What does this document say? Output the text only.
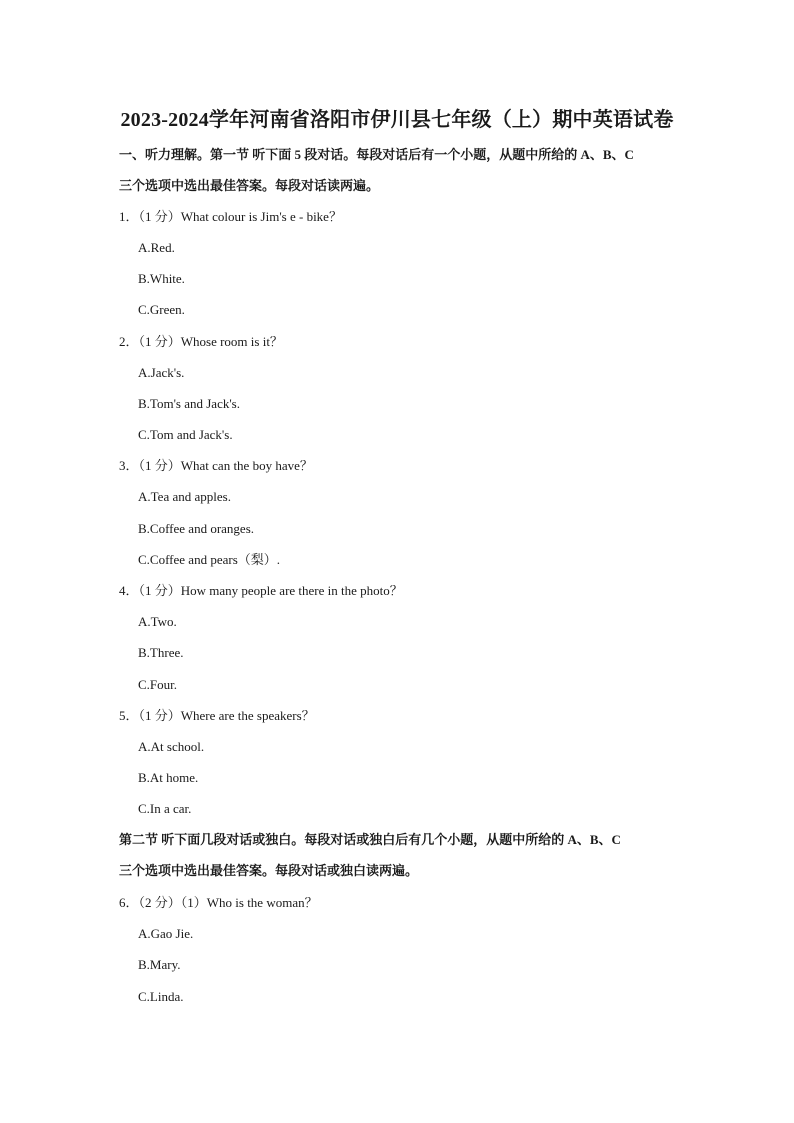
2023-2024学年河南省洛阳市伊川县七年级（上）期中英语试卷
一、听力理解。第一节 听下面 5 段对话。每段对话后有一个小题，从题中所给的 A、B、C
三个选项中选出最佳答案。每段对话读两遍。
1．（1 分）What colour is Jim's e - bike？
A.Red.
B.White.
C.Green.
2．（1 分）Whose room is it？
A.Jack's.
B.Tom's and Jack's.
C.Tom and Jack's.
3．（1 分）What can the boy have？
A.Tea and apples.
B.Coffee and oranges.
C.Coffee and pears（梨）.
4．（1 分）How many people are there in the photo？
A.Two.
B.Three.
C.Four.
5．（1 分）Where are the speakers？
A.At school.
B.At home.
C.In a car.
第二节 听下面几段对话或独白。每段对话或独白后有几个小题，从题中所给的 A、B、C
三个选项中选出最佳答案。每段对话或独白读两遍。
6．（2 分）（1）Who is the woman？
A.Gao Jie.
B.Mary.
C.Linda.
